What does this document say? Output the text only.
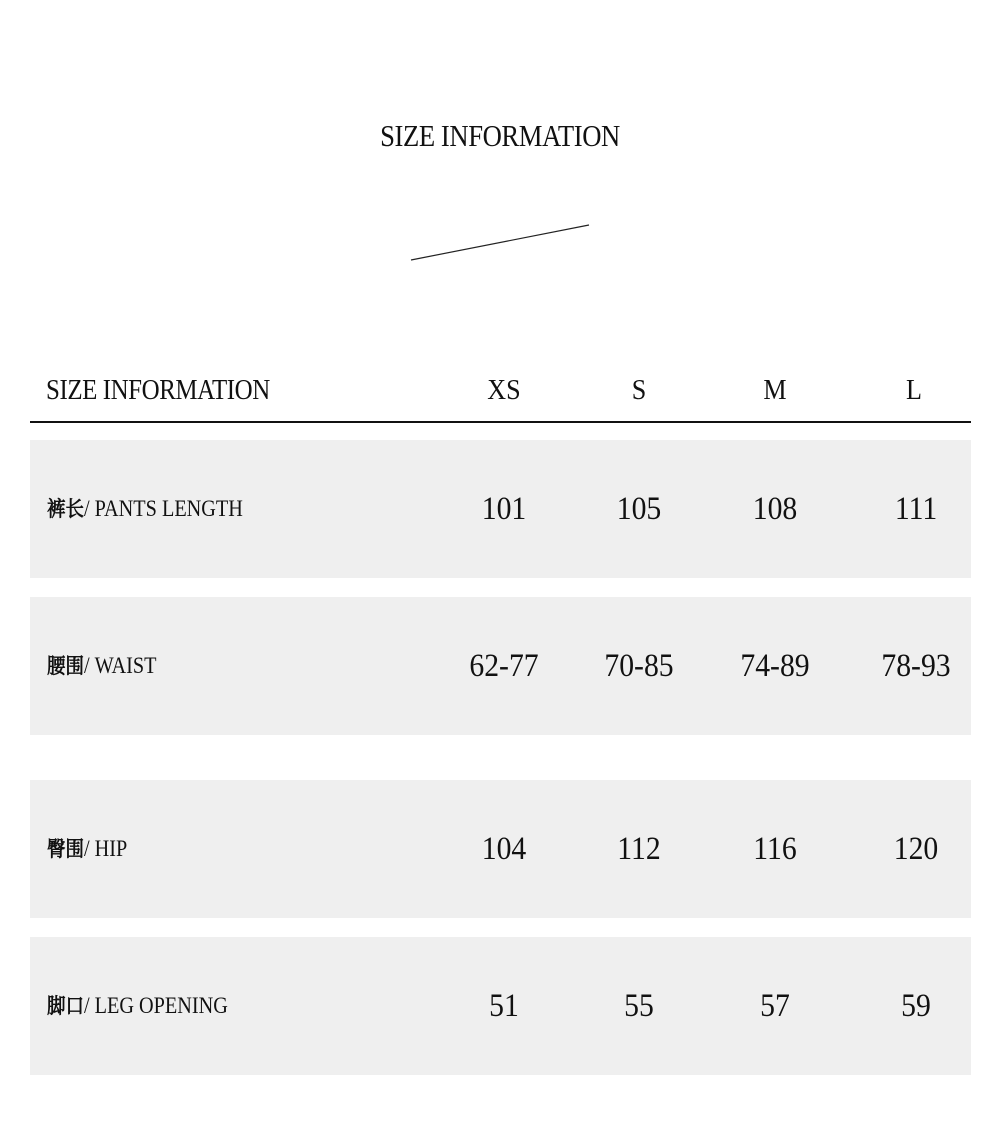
SIZE INFORMATION
SIZE INFORMATION	XS	S	M	L
裤长/ PANTS LENGTH	101	105	108	111
腰围/ WAIST	62-77	70-85	74-89	78-93
臀围/ HIP	104	112	116	120
脚口/ LEG OPENING	51	55	57	59
